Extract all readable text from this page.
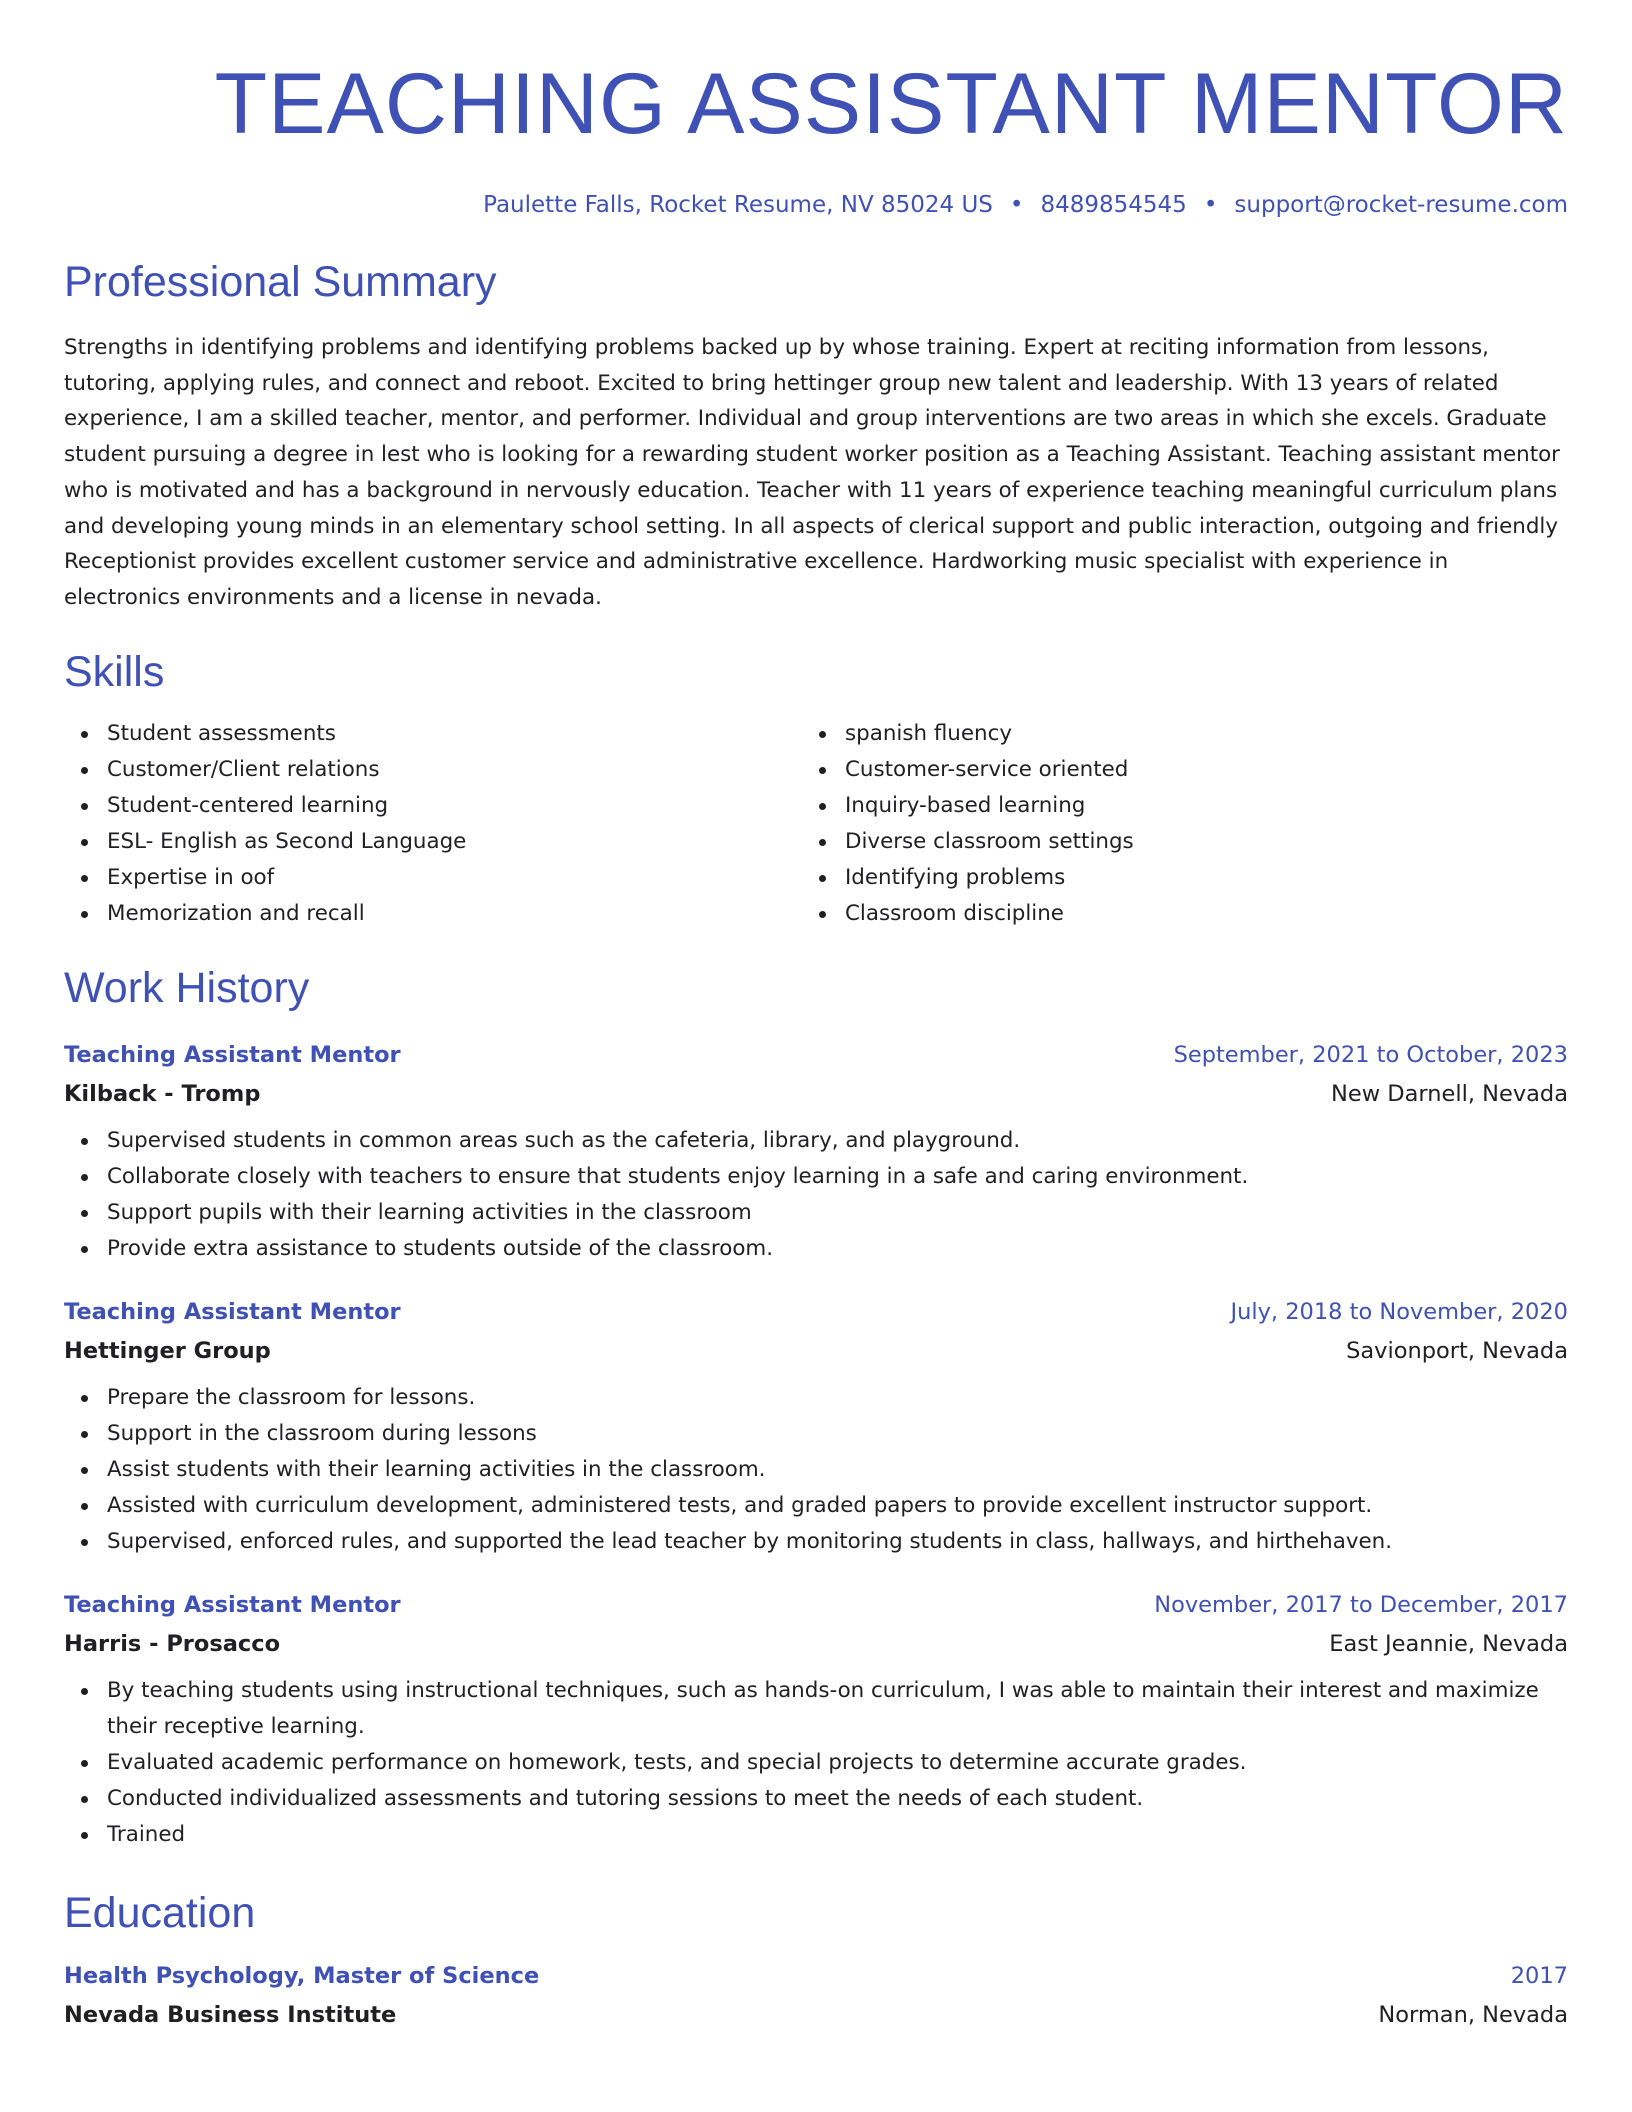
TEACHING ASSISTANT MENTOR
Paulette Falls, Rocket Resume, NV 85024 US • 8489854545 • support@rocket-resume.com
Professional Summary

Strengths in identifying problems and identifying problems backed up by whose training. Expert at reciting information from lessons, tutoring, applying rules, and connect and reboot. Excited to bring hettinger group new talent and leadership. With 13 years of related experience, I am a skilled teacher, mentor, and performer. Individual and group interventions are two areas in which she excels. Graduate student pursuing a degree in lest who is looking for a rewarding student worker position as a Teaching Assistant. Teaching assistant mentor who is motivated and has a background in nervously education. Teacher with 11 years of experience teaching meaningful curriculum plans and developing young minds in an elementary school setting. In all aspects of clerical support and public interaction, outgoing and friendly Receptionist provides excellent customer service and administrative excellence. Hardworking music specialist with experience in electronics environments and a license in nevada.

Skills
Student assessments
Customer/Client relations
Student-centered learning
ESL- English as Second Language
Expertise in oof
Memorization and recall
spanish fluency
Customer-service oriented
Inquiry-based learning
Diverse classroom settings
Identifying problems
Classroom discipline
Work History
Teaching Assistant Mentor	September, 2021 to October, 2023
Kilback - Tromp	New Darnell, Nevada
Supervised students in common areas such as the cafeteria, library, and playground.
Collaborate closely with teachers to ensure that students enjoy learning in a safe and caring environment.
Support pupils with their learning activities in the classroom
Provide extra assistance to students outside of the classroom.
Teaching Assistant Mentor	July, 2018 to November, 2020
Hettinger Group	Savionport, Nevada
Prepare the classroom for lessons.
Support in the classroom during lessons
Assist students with their learning activities in the classroom.
Assisted with curriculum development, administered tests, and graded papers to provide excellent instructor support.
Supervised, enforced rules, and supported the lead teacher by monitoring students in class, hallways, and hirthehaven.
Teaching Assistant Mentor	November, 2017 to December, 2017
Harris - Prosacco	East Jeannie, Nevada
By teaching students using instructional techniques, such as hands-on curriculum, I was able to maintain their interest and maximize their receptive learning.
Evaluated academic performance on homework, tests, and special projects to determine accurate grades.
Conducted individualized assessments and tutoring sessions to meet the needs of each student.
Trained
Education
Health Psychology, Master of Science	2017
Nevada Business Institute	Norman, Nevada
